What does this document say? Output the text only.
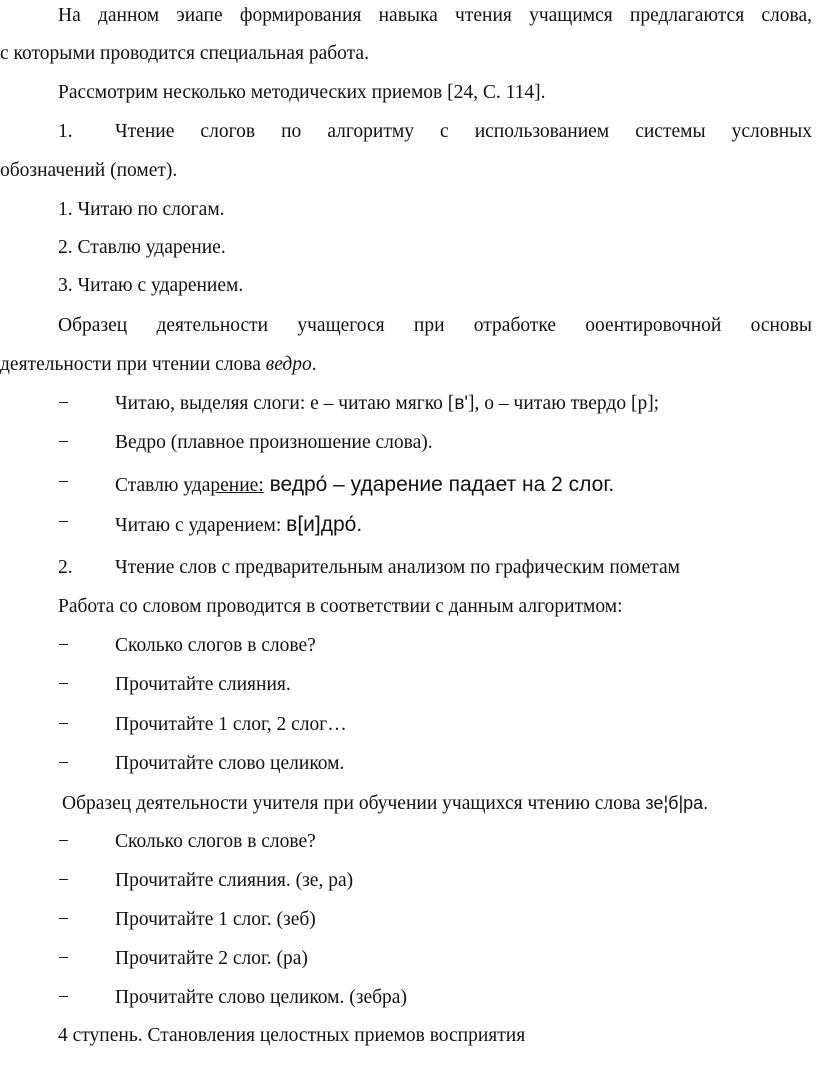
На данном эиапе формирования навыка чтения учащимся предлагаются слова,
с которыми проводится специальная работа.
Рассмотрим несколько методических приемов [24, С. 114].
1. Чтение слогов по алгоритму с использованием системы условных
обозначений (помет).
1. Читаю по слогам.
2. Ставлю ударение.
3. Читаю с ударением.
Образец деятельности учащегося при отработке ооентировочной основы
деятельности при чтении слова ведро.
−	Читаю, выделяя слоги: е – читаю мягко [в'], о – читаю твердо [р];
−	Ведро (плавное произношение слова).
−	Ставлю ударение: ведро́ – ударение падает на 2 слог.
−	Читаю с ударением: в[и]дро́.
2. Чтение слов с предварительным анализом по графическим пометам
Работа со словом проводится в соответствии с данным алгоритмом:
−	Сколько слогов в слове?
−	Прочитайте слияния.
−	Прочитайте 1 слог, 2 слог…
−	Прочитайте слово целиком.
Образец деятельности учителя при обучении учащихся чтению слова зе¦б|ра.
−	Сколько слогов в слове?
−	Прочитайте слияния. (зе, ра)
−	Прочитайте 1 слог. (зеб)
−	Прочитайте 2 слог. (ра)
−	Прочитайте слово целиком. (зебра)
4 ступень. Становления целостных приемов восприятия
